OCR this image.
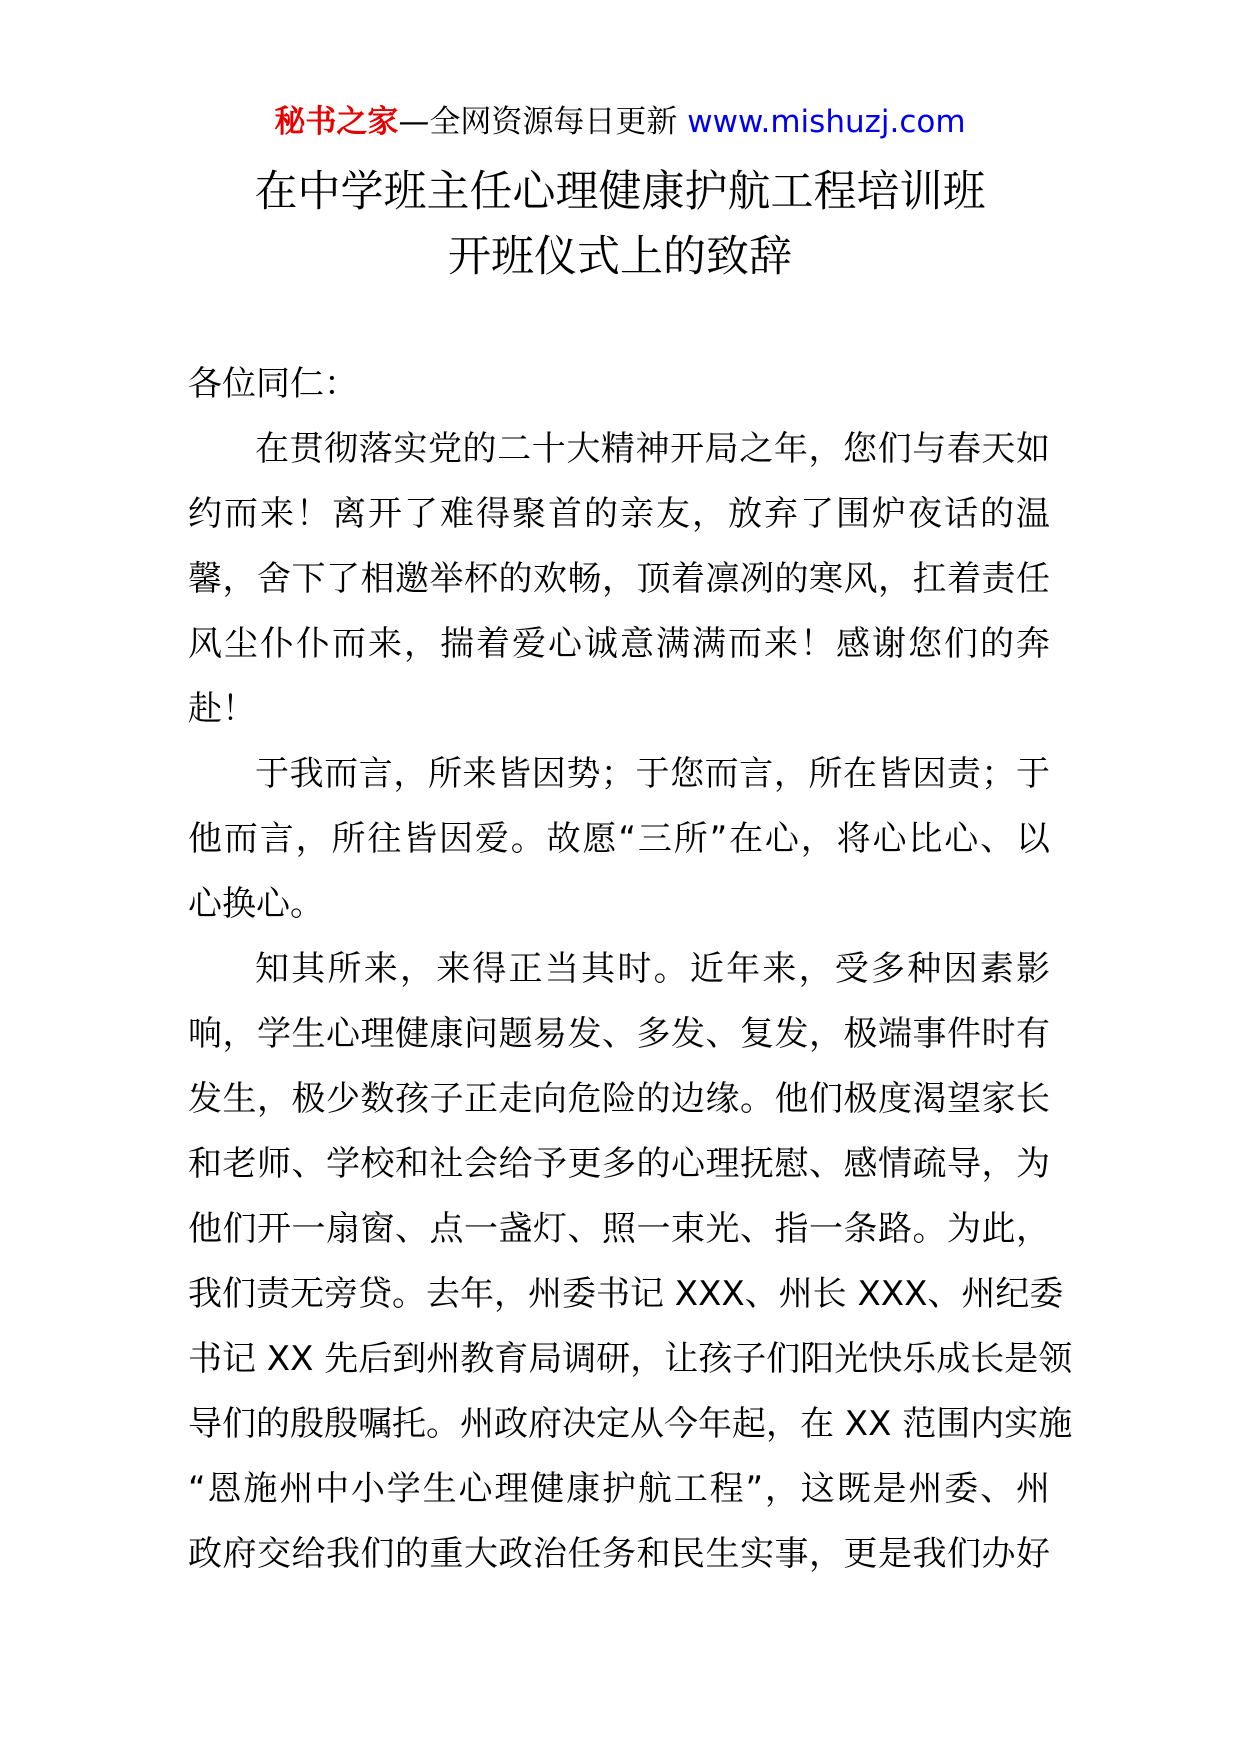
秘书之家—全网资源每日更新 www.mishuzj.com
在中学班主任心理健康护航工程培训班
开班仪式上的致辞
各位同仁：
在贯彻落实党的二十大精神开局之年，您们与春天如
约而来！离开了难得聚首的亲友，放弃了围炉夜话的温
馨，舍下了相邀举杯的欢畅，顶着凛冽的寒风，扛着责任
风尘仆仆而来，揣着爱心诚意满满而来！感谢您们的奔
赴！
于我而言，所来皆因势；于您而言，所在皆因责；于
他而言，所往皆因爱。故愿“三所”在心，将心比心、以
心换心。
知其所来，来得正当其时。近年来，受多种因素影
响，学生心理健康问题易发、多发、复发，极端事件时有
发生，极少数孩子正走向危险的边缘。他们极度渴望家长
和老师、学校和社会给予更多的心理抚慰、感情疏导，为
他们开一扇窗、点一盏灯、照一束光、指一条路。为此，
我们责无旁贷。去年，州委书记 XXX、州长 XXX、州纪委
书记 XX 先后到州教育局调研，让孩子们阳光快乐成长是领
导们的殷殷嘱托。州政府决定从今年起，在 XX 范围内实施
“恩施州中小学生心理健康护航工程”，这既是州委、州
政府交给我们的重大政治任务和民生实事，更是我们办好
